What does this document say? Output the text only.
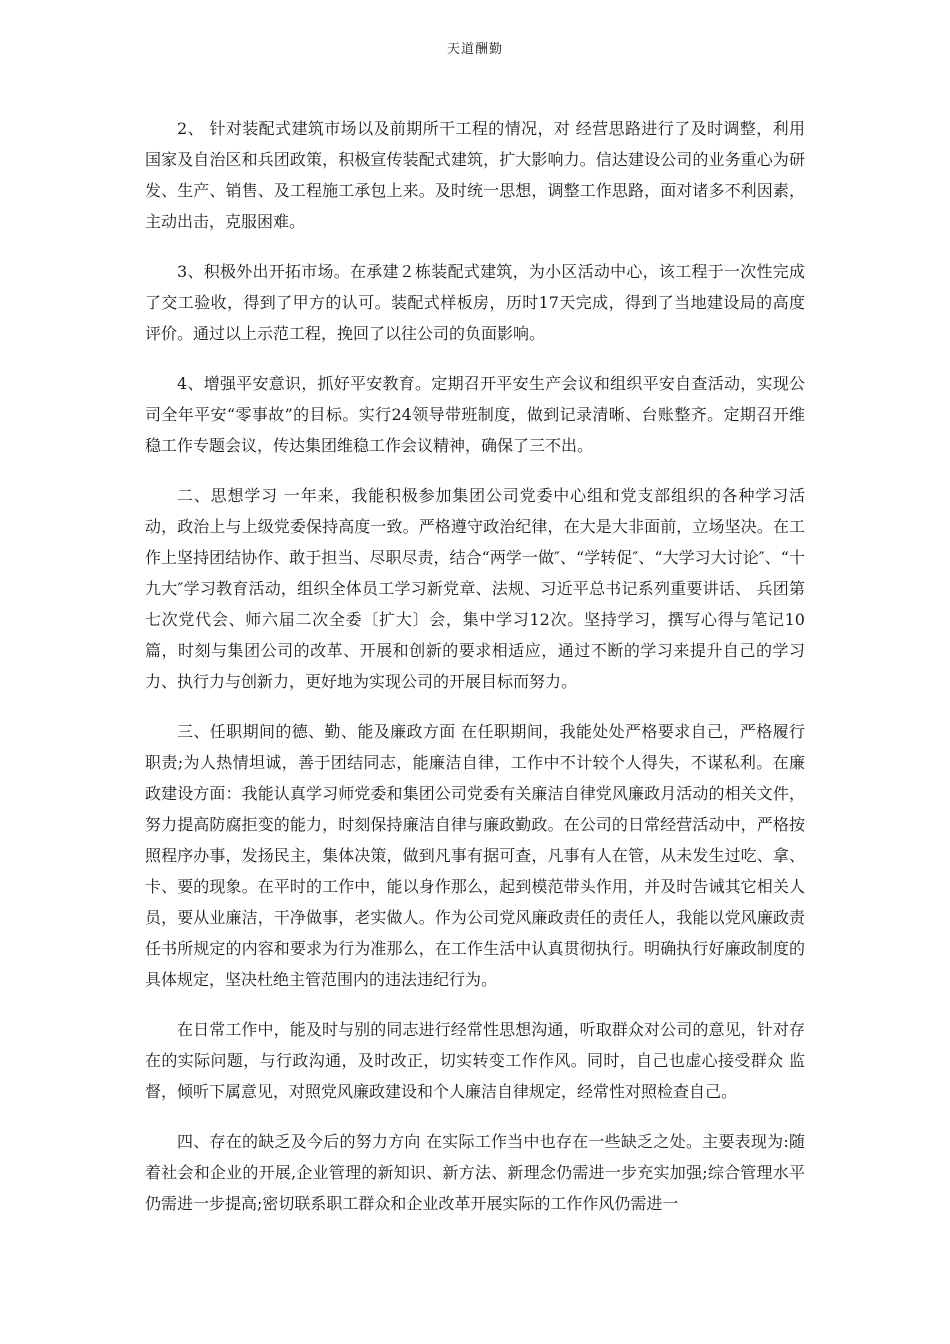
天道酬勤

2、 针对装配式建筑市场以及前期所干工程的情况，对 经营思路进行了及时调整，利用国家及自治区和兵团政策，积极宣传装配式建筑，扩大影响力。信达建设公司的业务重心为研发、生产、销售、及工程施工承包上来。及时统一思想，调整工作思路，面对诸多不利因素，主动出击，克服困难。

3、积极外出开拓市场。在承建２栋装配式建筑，为小区活动中心，该工程于一次性完成了交工验收，得到了甲方的认可。装配式样板房，历时17天完成，得到了当地建设局的高度评价。通过以上示范工程，挽回了以往公司的负面影响。

4、增强平安意识，抓好平安教育。定期召开平安生产会议和组织平安自查活动，实现公司全年平安“零事故”的目标。实行24领导带班制度，做到记录清晰、台账整齐。定期召开维稳工作专题会议，传达集团维稳工作会议精神，确保了三不出。

二、思想学习 一年来，我能积极参加集团公司党委中心组和党支部组织的各种学习活动，政治上与上级党委保持高度一致。严格遵守政治纪律，在大是大非面前，立场坚决。在工作上坚持团结协作、敢于担当、尽职尽责，结合“两学一做″、“学转促″、“大学习大讨论″、“十九大″学习教育活动，组织全体员工学习新党章、法规、习近平总书记系列重要讲话、 兵团第七次党代会、师六届二次全委〔扩大〕会，集中学习12次。坚持学习，撰写心得与笔记10篇，时刻与集团公司的改革、开展和创新的要求相适应，通过不断的学习来提升自己的学习力、执行力与创新力，更好地为实现公司的开展目标而努力。

三、任职期间的德、勤、能及廉政方面 在任职期间，我能处处严格要求自己，严格履行职责;为人热情坦诚，善于团结同志，能廉洁自律，工作中不计较个人得失，不谋私利。在廉政建设方面：我能认真学习师党委和集团公司党委有关廉洁自律党风廉政月活动的相关文件，努力提高防腐拒变的能力，时刻保持廉洁自律与廉政勤政。在公司的日常经营活动中，严格按照程序办事，发扬民主，集体决策，做到凡事有据可查，凡事有人在管，从未发生过吃、拿、卡、要的现象。在平时的工作中，能以身作那么，起到模范带头作用，并及时告诫其它相关人员，要从业廉洁，干净做事，老实做人。作为公司党风廉政责任的责任人，我能以党风廉政责任书所规定的内容和要求为行为准那么，在工作生活中认真贯彻执行。明确执行好廉政制度的具体规定，坚决杜绝主管范围内的违法违纪行为。

在日常工作中，能及时与别的同志进行经常性思想沟通，听取群众对公司的意见，针对存在的实际问题，与行政沟通，及时改正，切实转变工作作风。同时，自己也虚心接受群众 监督，倾听下属意见，对照党风廉政建设和个人廉洁自律规定，经常性对照检查自己。

四、存在的缺乏及今后的努力方向 在实际工作当中也存在一些缺乏之处。主要表现为:随着社会和企业的开展,企业管理的新知识、新方法、新理念仍需进一步充实加强;综合管理水平仍需进一步提高;密切联系职工群众和企业改革开展实际的工作作风仍需进一
